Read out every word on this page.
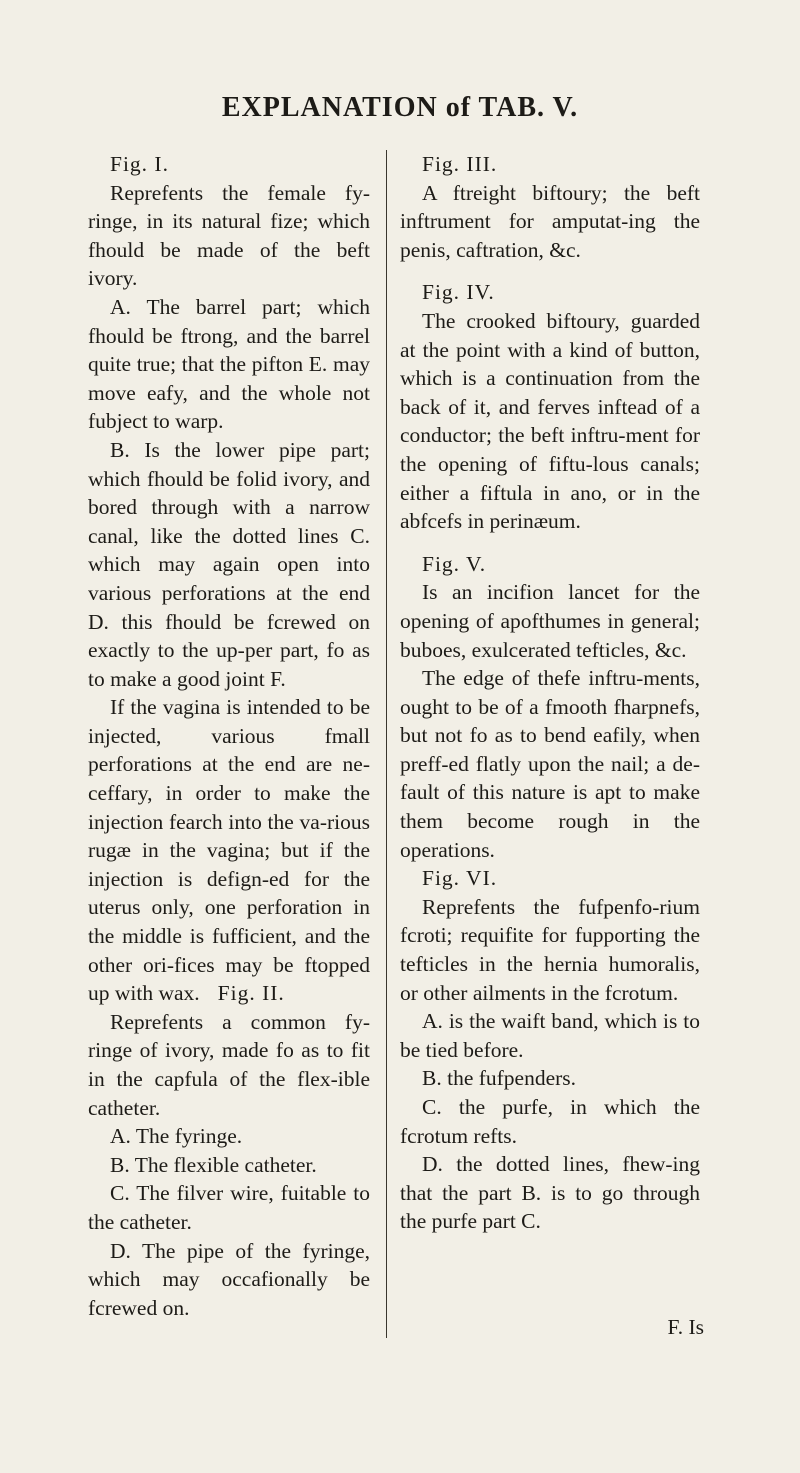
EXPLANATION of TAB. V.

Fig. I.

Reprefents the female fy-ringe, in its natural fize; which fhould be made of the beft ivory.

A. The barrel part; which fhould be ftrong, and the barrel quite true; that the pifton E. may move eafy, and the whole not fubject to warp.

B. Is the lower pipe part; which fhould be folid ivory, and bored through with a narrow canal, like the dotted lines C. which may again open into various perforations at the end D. this fhould be fcrewed on exactly to the up-per part, fo as to make a good joint F.

If the vagina is intended to be injected, various fmall perforations at the end are ne-ceffary, in order to make the injection fearch into the va-rious rugæ in the vagina; but if the injection is defign-ed for the uterus only, one perforation in the middle is fufficient, and the other ori-fices may be ftopped up with wax. Fig. II.

Reprefents a common fy-ringe of ivory, made fo as to fit in the capfula of the flex-ible catheter.

A. The fyringe.

B. The flexible catheter.

C. The filver wire, fuitable to the catheter.

D. The pipe of the fyringe, which may occafionally be fcrewed on.

Fig. III.

A ftreight biftoury; the beft inftrument for amputat-ing the penis, caftration, &c.

Fig. IV.

The crooked biftoury, guarded at the point with a kind of button, which is a continuation from the back of it, and ferves inftead of a conductor; the beft inftru-ment for the opening of fiftu-lous canals; either a fiftula in ano, or in the abfcefs in perinæum.

Fig. V.

Is an incifion lancet for the opening of apofthumes in general; buboes, exulcerated tefticles, &c.

The edge of thefe inftru-ments, ought to be of a fmooth fharpnefs, but not fo as to bend eafily, when preff-ed flatly upon the nail; a de-fault of this nature is apt to make them become rough in the operations.

Fig. VI.

Reprefents the fufpenfo-rium fcroti; requifite for fupporting the tefticles in the hernia humoralis, or other ailments in the fcrotum.

A. is the waift band, which is to be tied before.

B. the fufpenders.

C. the purfe, in which the fcrotum refts.

D. the dotted lines, fhew-ing that the part B. is to go through the purfe part C.

F. Is
